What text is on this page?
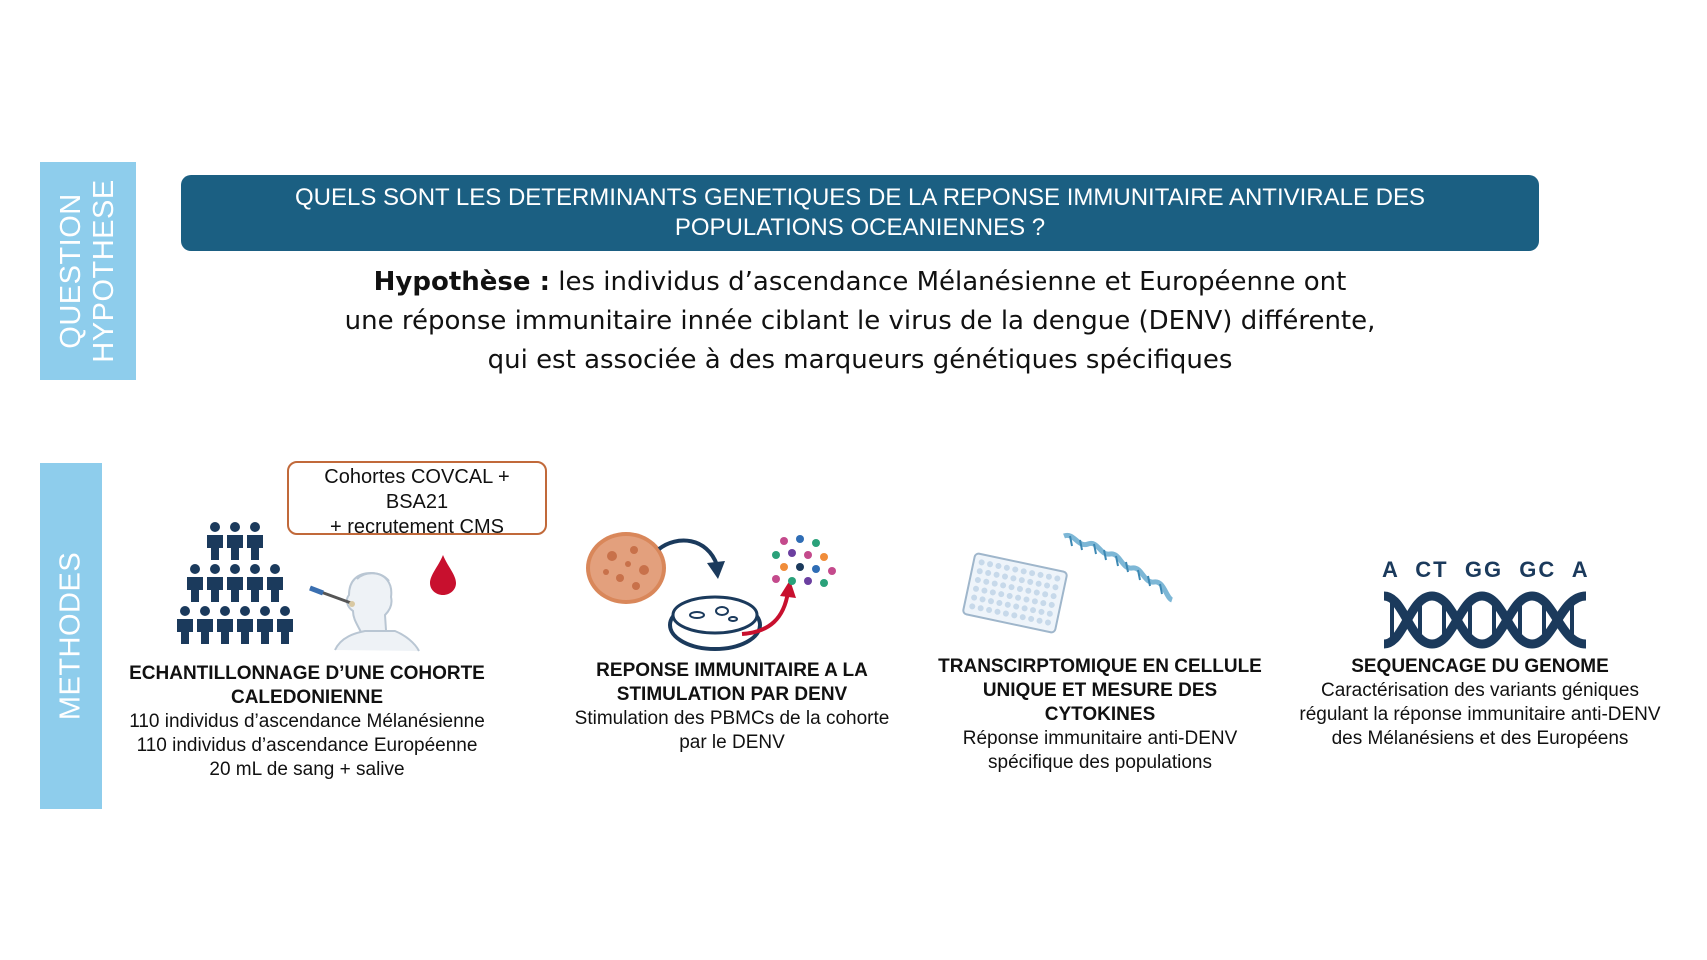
QUESTION HYPOTHESE
METHODES
QUELS SONT LES DETERMINANTS GENETIQUES DE LA REPONSE IMMUNITAIRE ANTIVIRALE DES POPULATIONS OCEANIENNES ?
Hypothèse : les individus d’ascendance Mélanésienne et Européenne ont
une réponse immunitaire innée ciblant le virus de la dengue (DENV) différente,
qui est associée à des marqueurs génétiques spécifiques
Cohortes COVCAL +
BSA21
+ recrutement CMS
A  CT  GG  GC  A
ECHANTILLONNAGE D’UNE COHORTE
CALEDONIENNE
110 individus d’ascendance Mélanésienne
110 individus d’ascendance Européenne
20 mL de sang + salive
REPONSE IMMUNITAIRE A LA
STIMULATION PAR DENV
Stimulation des PBMCs de la cohorte
par le DENV
TRANSCIRPTOMIQUE EN CELLULE
UNIQUE ET MESURE DES
CYTOKINES
Réponse immunitaire anti-DENV
spécifique des populations
SEQUENCAGE DU GENOME
Caractérisation des variants géniques
régulant la réponse immunitaire anti-DENV
des Mélanésiens et des Européens
